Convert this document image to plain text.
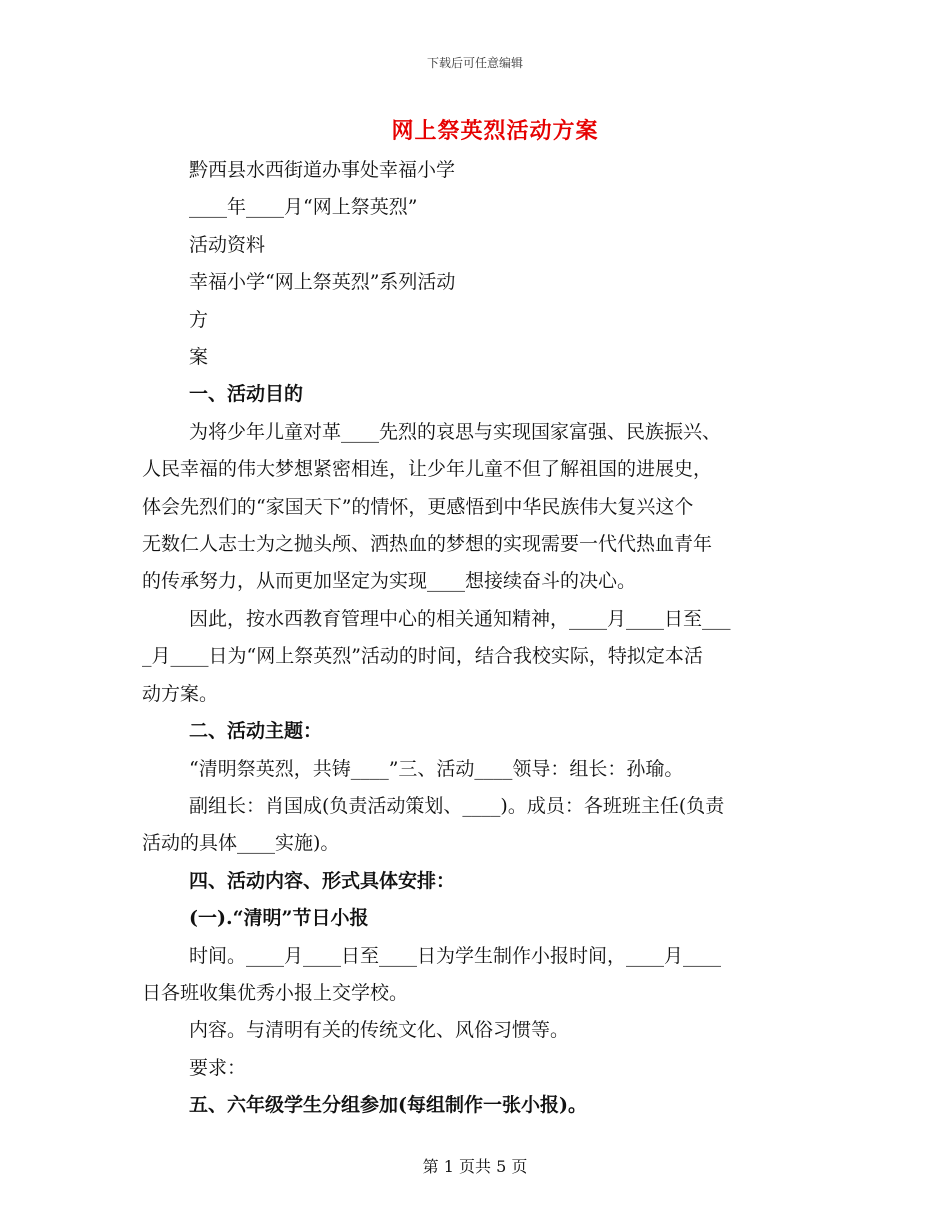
下载后可任意编辑
网上祭英烈活动方案
黔西县水西街道办事处幸福小学
____年____月“网上祭英烈”
活动资料
幸福小学“网上祭英烈”系列活动
方
案
一、活动目的
为将少年儿童对革____先烈的哀思与实现国家富强、民族振兴、
人民幸福的伟大梦想紧密相连，让少年儿童不但了解祖国的进展史，
体会先烈们的“家国天下”的情怀，更感悟到中华民族伟大复兴这个
无数仁人志士为之抛头颅、洒热血的梦想的实现需要一代代热血青年
的传承努力，从而更加坚定为实现____想接续奋斗的决心。
因此，按水西教育管理中心的相关通知精神，____月____日至___
_月____日为“网上祭英烈”活动的时间，结合我校实际，特拟定本活
动方案。
二、活动主题：
“清明祭英烈，共铸____”三、活动____领导：组长：孙瑜。
副组长：肖国成(负责活动策划、____)。成员：各班班主任(负责
活动的具体____实施)。
四、活动内容、形式具体安排：
(一).“清明”节日小报
时间。____月____日至____日为学生制作小报时间，____月____
日各班收集优秀小报上交学校。
内容。与清明有关的传统文化、风俗习惯等。
要求：
五、六年级学生分组参加(每组制作一张小报)。
第 1 页共 5 页
